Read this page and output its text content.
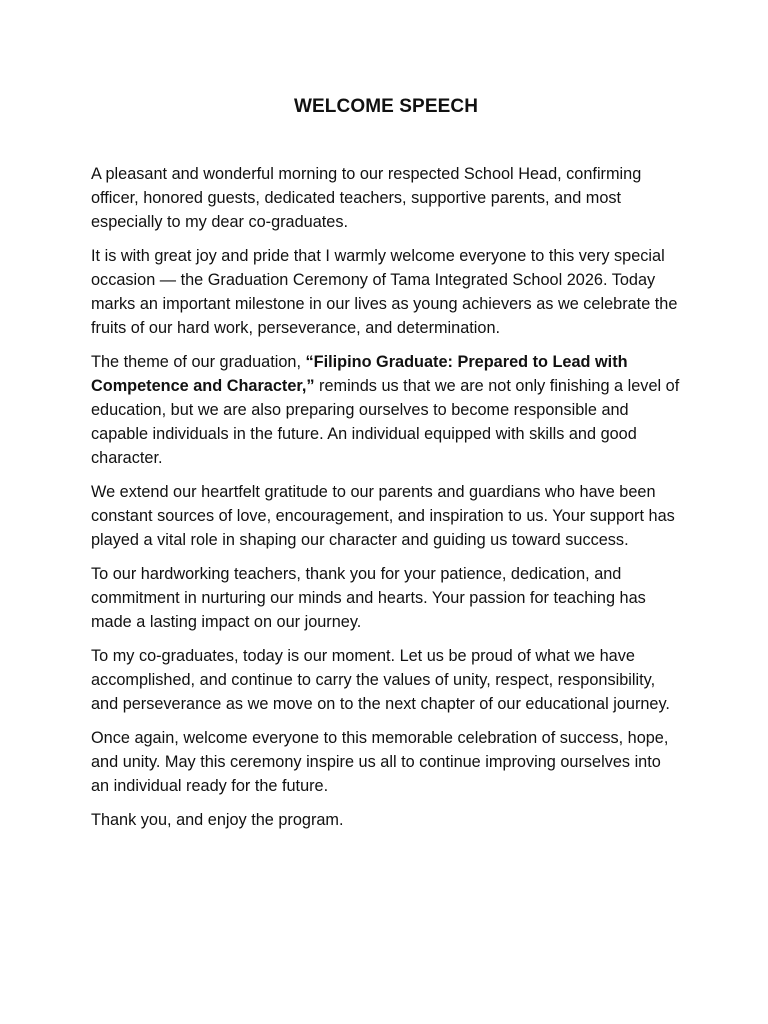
WELCOME SPEECH

A pleasant and wonderful morning to our respected School Head, confirming officer, honored guests, dedicated teachers, supportive parents, and most especially to my dear co-graduates.

It is with great joy and pride that I warmly welcome everyone to this very special occasion — the Graduation Ceremony of Tama Integrated School 2026. Today marks an important milestone in our lives as young achievers as we celebrate the fruits of our hard work, perseverance, and determination.

The theme of our graduation, “Filipino Graduate: Prepared to Lead with Competence and Character,” reminds us that we are not only finishing a level of education, but we are also preparing ourselves to become responsible and capable individuals in the future. An individual equipped with skills and good character.

We extend our heartfelt gratitude to our parents and guardians who have been constant sources of love, encouragement, and inspiration to us. Your support has played a vital role in shaping our character and guiding us toward success.

To our hardworking teachers, thank you for your patience, dedication, and commitment in nurturing our minds and hearts. Your passion for teaching has made a lasting impact on our journey.

To my co-graduates, today is our moment. Let us be proud of what we have accomplished, and continue to carry the values of unity, respect, responsibility, and perseverance as we move on to the next chapter of our educational journey.

Once again, welcome everyone to this memorable celebration of success, hope, and unity. May this ceremony inspire us all to continue improving ourselves into an individual ready for the future.

Thank you, and enjoy the program.
